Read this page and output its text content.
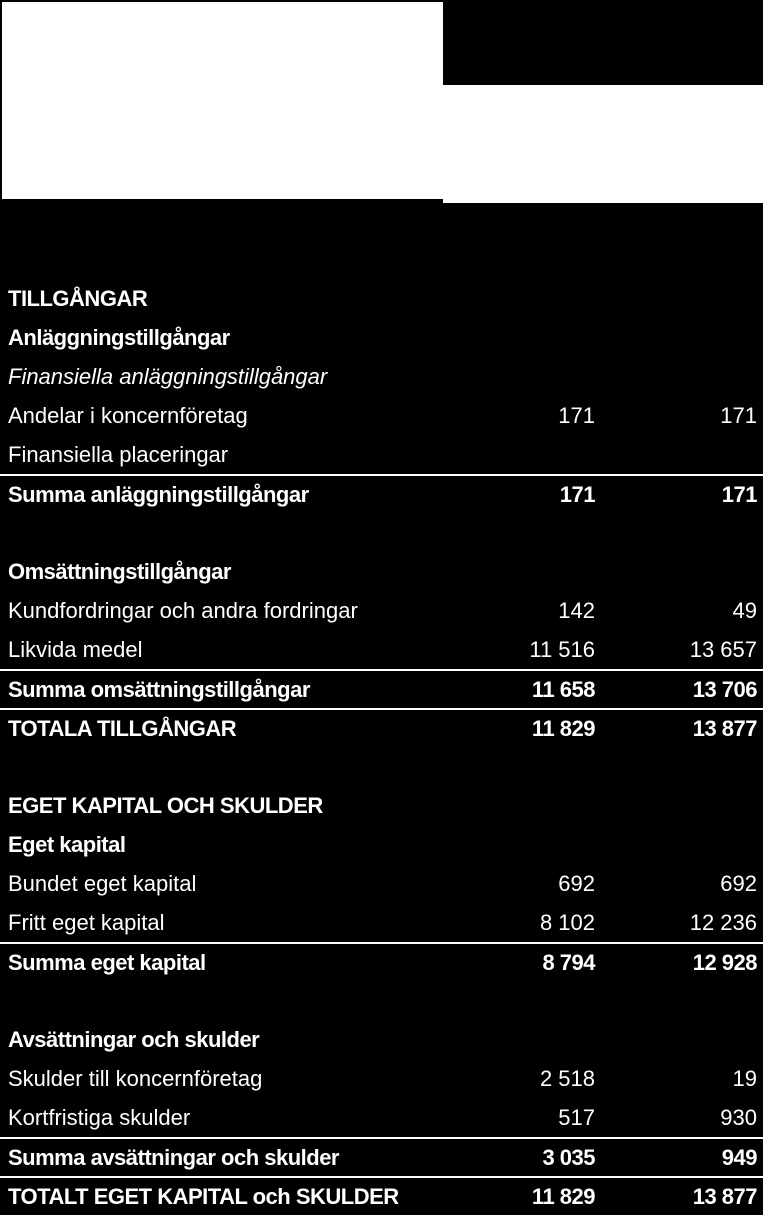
TILLGÅNGAR
Anläggningstillgångar
Finansiella anläggningstillgångar
Andelar i koncernföretag	171	171
Finansiella placeringar
Summa anläggningstillgångar	171	171
Omsättningstillgångar
Kundfordringar och andra fordringar	142	49
Likvida medel	11 516	13 657
Summa omsättningstillgångar	11 658	13 706
TOTALA TILLGÅNGAR	11 829	13 877
EGET KAPITAL OCH SKULDER
Eget kapital
Bundet eget kapital	692	692
Fritt eget kapital	8 102	12 236
Summa eget kapital	8 794	12 928
Avsättningar och skulder
Skulder till koncernföretag	2 518	19
Kortfristiga skulder	517	930
Summa avsättningar och skulder	3 035	949
TOTALT EGET KAPITAL och SKULDER	11 829	13 877
